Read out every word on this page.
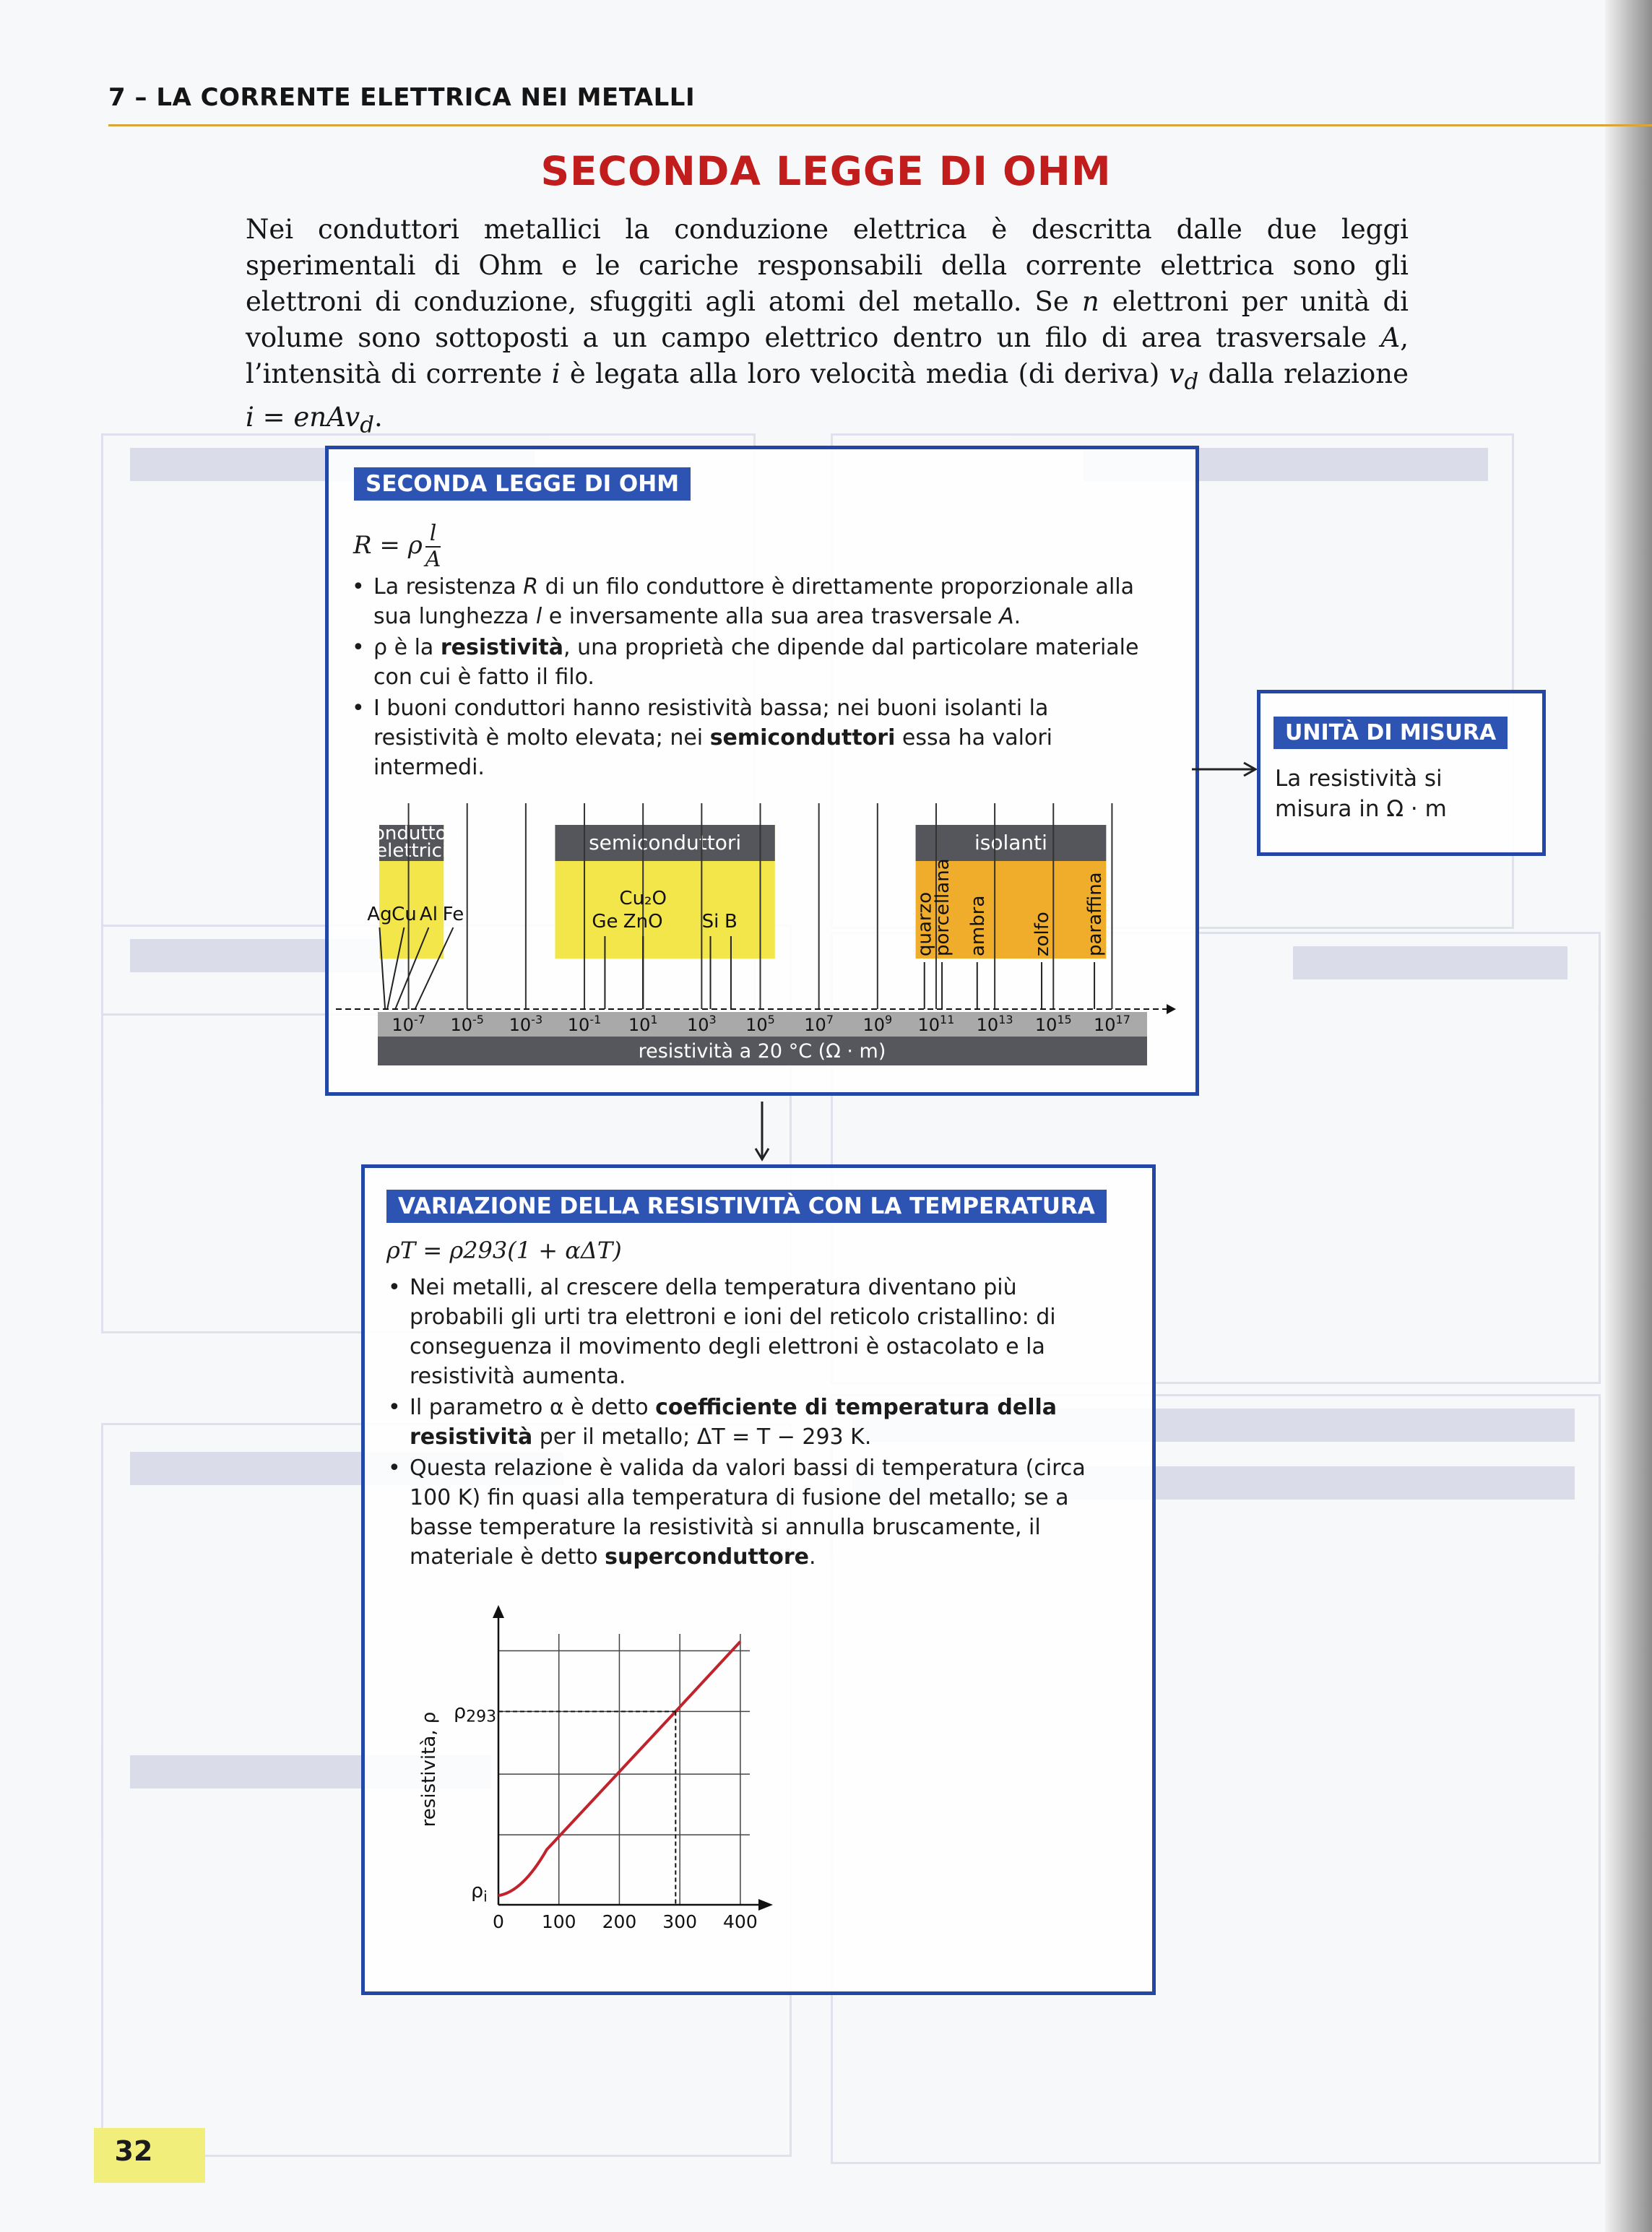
7 – LA CORRENTE ELETTRICA NEI METALLI
SECONDA LEGGE DI OHM
Nei conduttori metallici la conduzione elettrica è descritta dalle due leggi sperimentali di Ohm e le cariche responsabili della corrente elettrica sono gli elettroni di conduzione, sfuggiti agli atomi del metallo. Se n elettroni per unità di volume sono sottoposti a un campo elettrico dentro un filo di area trasversale A, l’intensità di corrente i è legata alla loro velocità media (di deriva) $v_d$ dalla relazione i = enAv$_d$.
SECONDA LEGGE DI OHM
R = ρ $\frac{l}{A}$
• La resistenza R di un filo conduttore è direttamente proporzionale alla sua lunghezza l e inversamente alla sua area trasversale A.
• ρ è la resistività, una proprietà che dipende dal particolare materiale con cui è fatto il filo.
• I buoni conduttori hanno resistività bassa; nei buoni isolanti la resistività è molto elevata; nei semiconduttori essa ha valori intermedi.
conduttori
elettrici	semiconduttori	isolanti
Ag Cu Al Fe	Ge
Cu₂O
ZnO Si B	quarzo
porcellana ambra zolfo paraffina
$10^{-7}$ $10^{-5}$ $10^{-3}$ $10^{-1}$ $10^1$ $10^3$ $10^5$ $10^7$ $10^9$ $10^{11}$ $10^{13}$ $10^{15}$ $10^{17}$
resistività a 20 °C (Ω · m)
UNITÀ DI MISURA
La resistività si misura in Ω · m
VARIAZIONE DELLA RESISTIVITÀ CON LA TEMPERATURA
ρT = ρ293(1 + αΔT)
• Nei metalli, al crescere della temperatura diventano più probabili gli urti tra elettroni e ioni del reticolo cristallino: di conseguenza il movimento degli elettroni è ostacolato e la resistività aumenta.
• Il parametro α è detto coefficiente di temperatura della resistività per il metallo; ΔT = T − 293 K.
• Questa relazione è valida da valori bassi di temperatura (circa 100 K) fin quasi alla temperatura di fusione del metallo; se a basse temperature la resistività si annulla bruscamente, il materiale è detto superconduttore.
0 100 200 300 400
ρ293
$\rho_i$
resistività, ρ
32
